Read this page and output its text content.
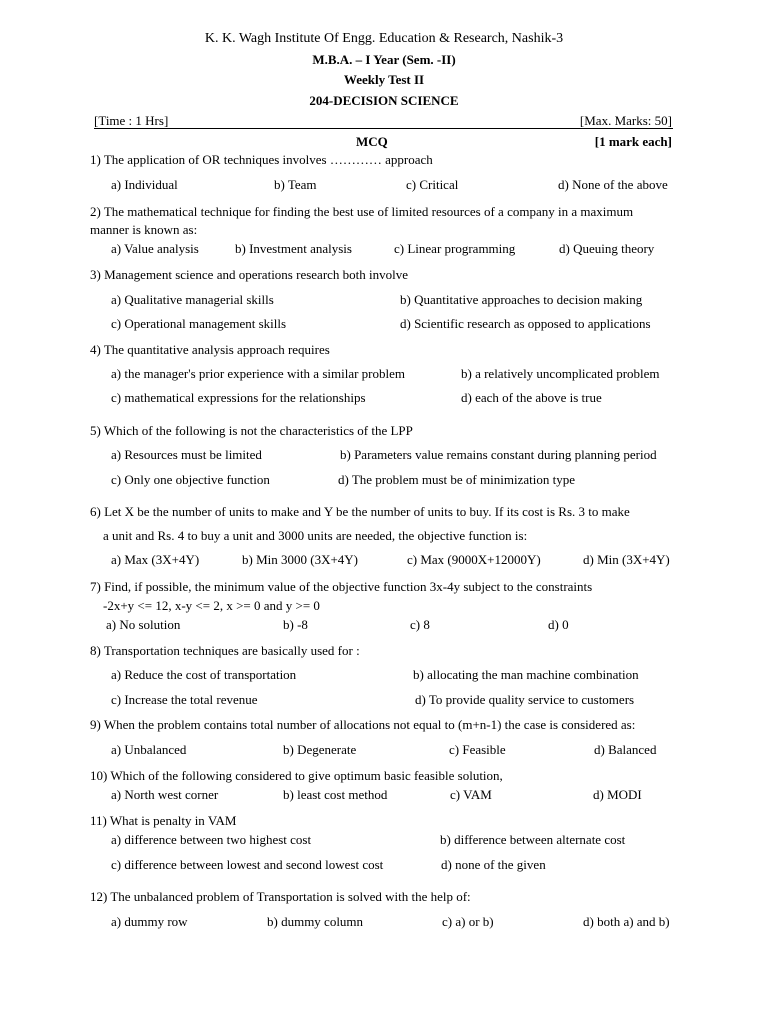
K. K. Wagh Institute Of Engg. Education & Research, Nashik-3
M.B.A. – I Year (Sem. -II)
Weekly Test II
204-DECISION SCIENCE
[Time : 1 Hrs]	[Max. Marks: 50]
MCQ	[1 mark each]
1) The application of OR techniques involves ………… approach
a) Individual	b) Team	c) Critical	d) None of the above
2) The mathematical technique for finding the best use of limited resources of a company in a maximum
manner is known as:
a) Value analysis	b) Investment analysis	c) Linear programming	d) Queuing theory
3) Management science and operations research both involve
a) Qualitative managerial skills	b) Quantitative approaches to decision making
c) Operational management skills	d) Scientific research as opposed to applications
4) The quantitative analysis approach requires
a) the manager's prior experience with a similar problem	b) a relatively uncomplicated problem
c) mathematical expressions for the relationships	d) each of the above is true
5) Which of the following is not the characteristics of the LPP
a) Resources must be limited	b) Parameters value remains constant during planning period
c) Only one objective function	d) The problem must be of minimization type
6) Let X be the number of units to make and Y be the number of units to buy. If its cost is Rs. 3 to make
a unit and Rs. 4 to buy a unit and 3000 units are needed, the objective function is:
a) Max (3X+4Y)	b) Min 3000 (3X+4Y)	c) Max (9000X+12000Y)	d) Min (3X+4Y)
7) Find, if possible, the minimum value of the objective function 3x-4y subject to the constraints
-2x+y <= 12, x-y <= 2, x >= 0 and y >= 0
a) No solution	b) -8	c) 8	d) 0
8) Transportation techniques are basically used for :
a) Reduce the cost of transportation	b) allocating the man machine combination
c) Increase the total revenue	d) To provide quality service to customers
9) When the problem contains total number of allocations not equal to (m+n-1) the case is considered as:
a) Unbalanced	b) Degenerate	c) Feasible	d) Balanced
10) Which of the following considered to give optimum basic feasible solution,
a) North west corner	b) least cost method	c) VAM	d) MODI
11) What is penalty in VAM
a) difference between two highest cost	b) difference between alternate cost
c) difference between lowest and second lowest cost	d) none of the given
12) The unbalanced problem of Transportation is solved with the help of:
a) dummy row	b) dummy column	c) a) or b)	d) both a) and b)
